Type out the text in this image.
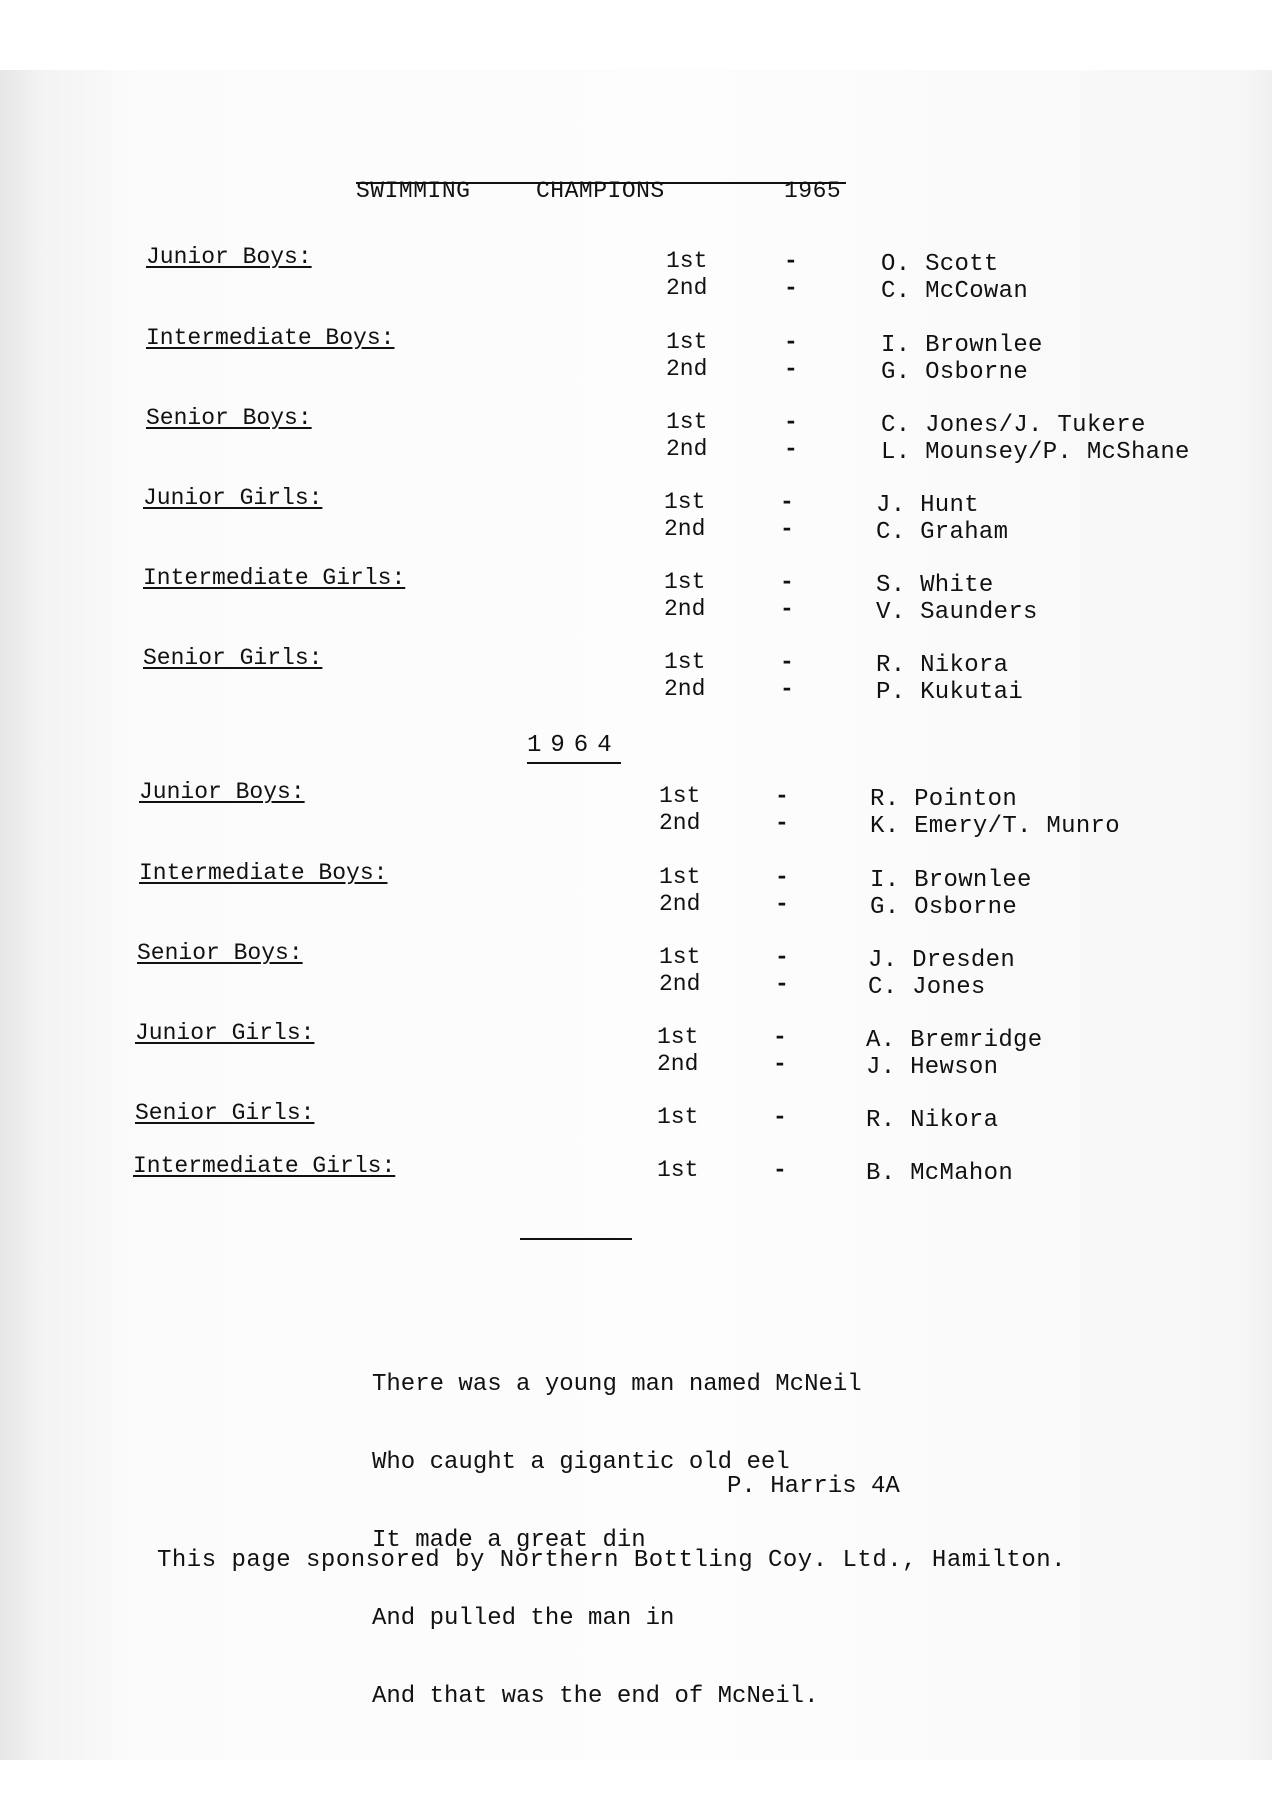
SWIMMING	CHAMPIONS	1965
Junior Boys:	1st	-	O. Scott
2nd	-	C. McCowan
Intermediate Boys:	1st	-	I. Brownlee
2nd	-	G. Osborne
Senior Boys:	1st	-	C. Jones/J. Tukere
2nd	-	L. Mounsey/P. McShane
Junior Girls:	1st	-	J. Hunt
2nd	-	C. Graham
Intermediate Girls:	1st	-	S. White
2nd	-	V. Saunders
Senior Girls:	1st	-	R. Nikora
2nd	-	P. Kukutai
1964
Junior Boys:	1st	-	R. Pointon
2nd	-	K. Emery/T. Munro
Intermediate Boys:	1st	-	I. Brownlee
2nd	-	G. Osborne
Senior Boys:	1st	-	J. Dresden
2nd	-	C. Jones
Junior Girls:	1st	-	A. Bremridge
2nd	-	J. Hewson
Senior Girls:	1st	-	R. Nikora
Intermediate Girls:	1st	-	B. McMahon

There was a young man named McNeil

Who caught a gigantic old eel

It made a great din

And pulled the man in

And that was the end of McNeil.

P. Harris 4A
This page sponsored by Northern Bottling Coy. Ltd., Hamilton.
